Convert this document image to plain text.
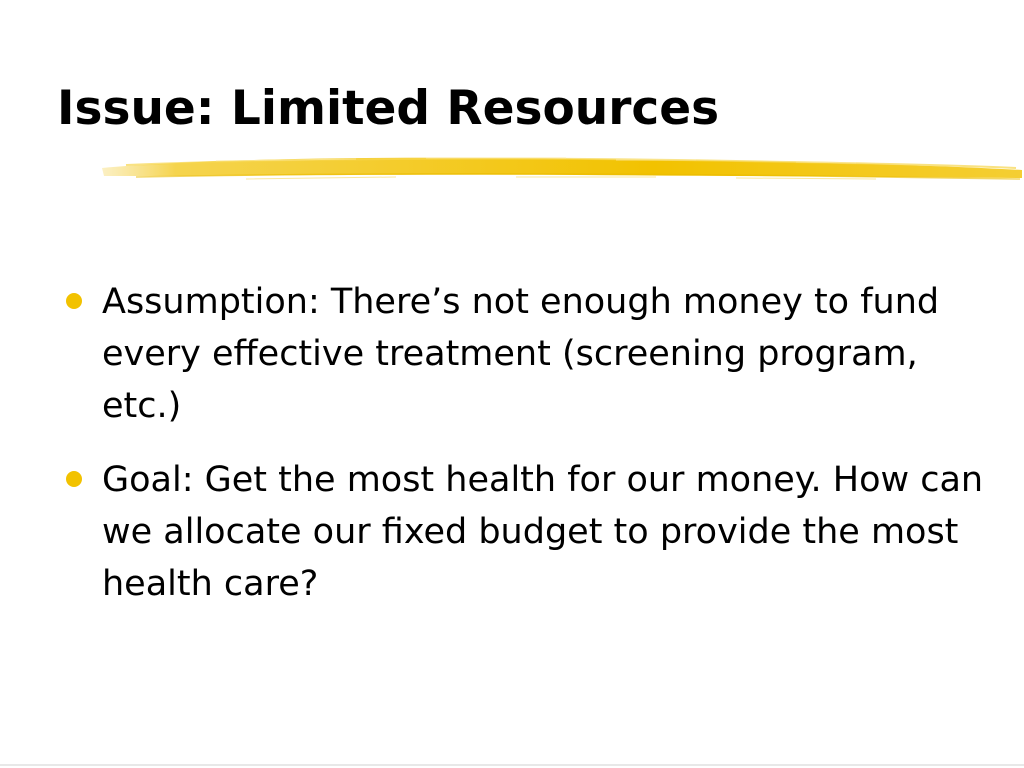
Issue: Limited Resources
Assumption: There’s not enough money to fund every effective treatment (screening program, etc.)
Goal: Get the most health for our money. How can we allocate our fixed budget to provide the most health care?
